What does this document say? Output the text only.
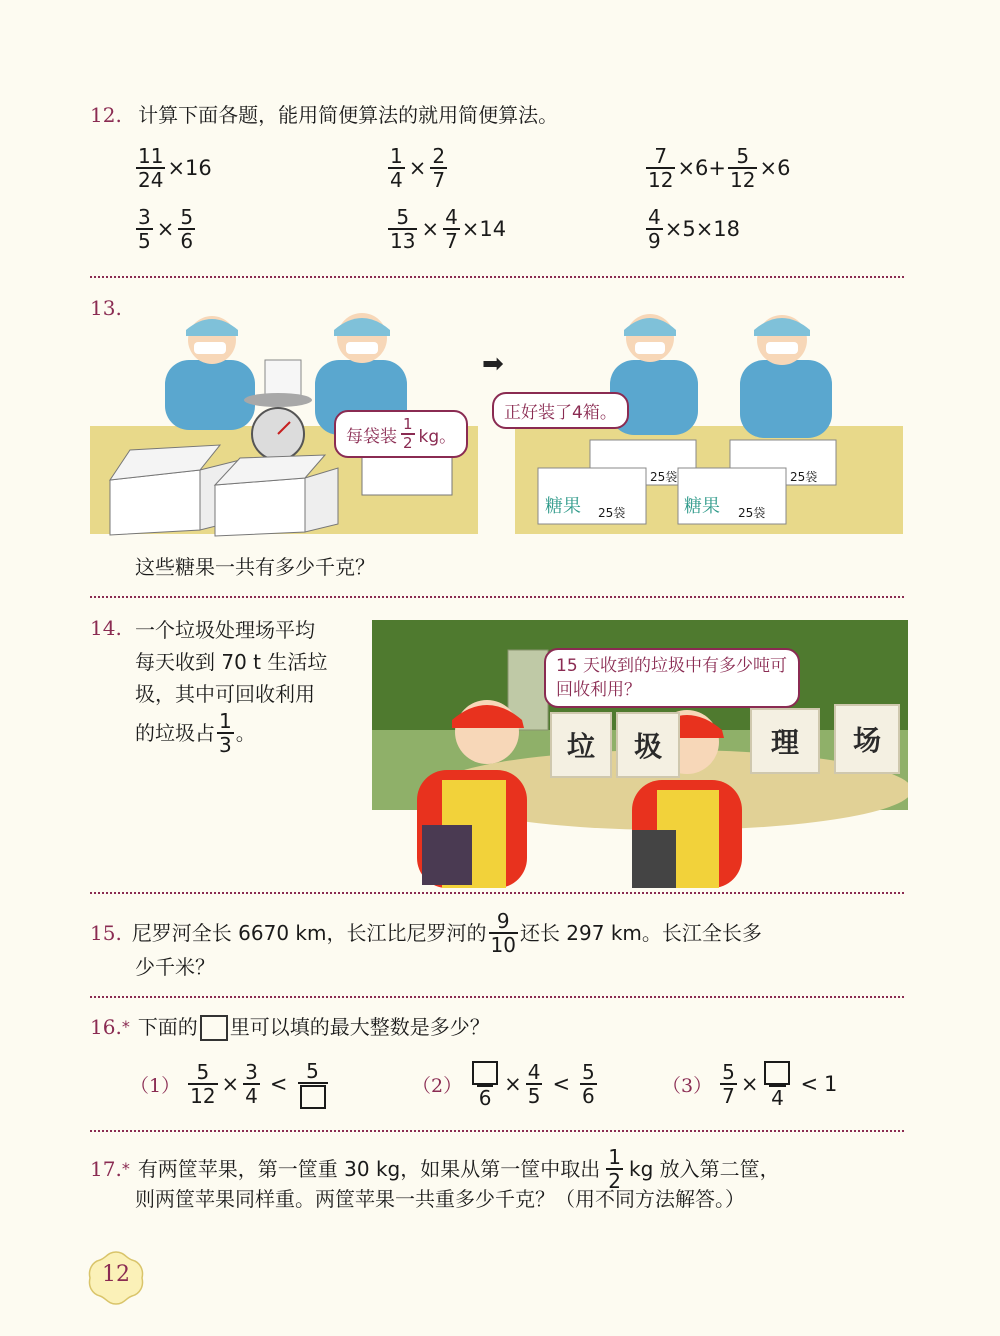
12. 计算下面各题，能用简便算法的就用简便算法。
$\frac{11}{24} \times 16$	$\frac{1}{4} \times \frac{2}{7}$	$\frac{7}{12} \times 6+ \frac{5}{12} \times 6$
$\frac{3}{5} \times \frac{5}{6}$	$\frac{5}{13} \times \frac{4}{7} \times 14$	$\frac{4}{9} \times 5\times 18$
13.
➡
糖果 25袋	糖果 25袋
25袋	25袋
每袋装 $\frac{1}{2}$ kg。
正好装了4箱。
这些糖果一共有多少千克？
14. 一个垃圾处理场平均
每天收到 70 t 生活垃
圾，其中可回收利用
的垃圾占 $\frac{1}{3}$ 。	垃	圾	理	场
15 天收到的垃圾中有多少吨可回收利用？
15. 尼罗河全长 6670 km，长江比尼罗河的 $\frac{9}{10}$ 还长 297 km。长江全长多
少千米？
16. * 下面的 里可以填的最大整数是多少？
$(1) \frac{5}{12} \times \frac{3}{4}$ <
5
（2） 6
× $\frac{4}{5} < \frac{5}{6}$	$(3) \frac{5}{7}$ ×
4
< 1
17. * 有两筐苹果，第一筐重 30 kg，如果从第一筐中取出 $\frac{1}{2}$ kg 放入第二筐，
则两筐苹果同样重。两筐苹果一共重多少千克？（用不同方法解答。）
12
